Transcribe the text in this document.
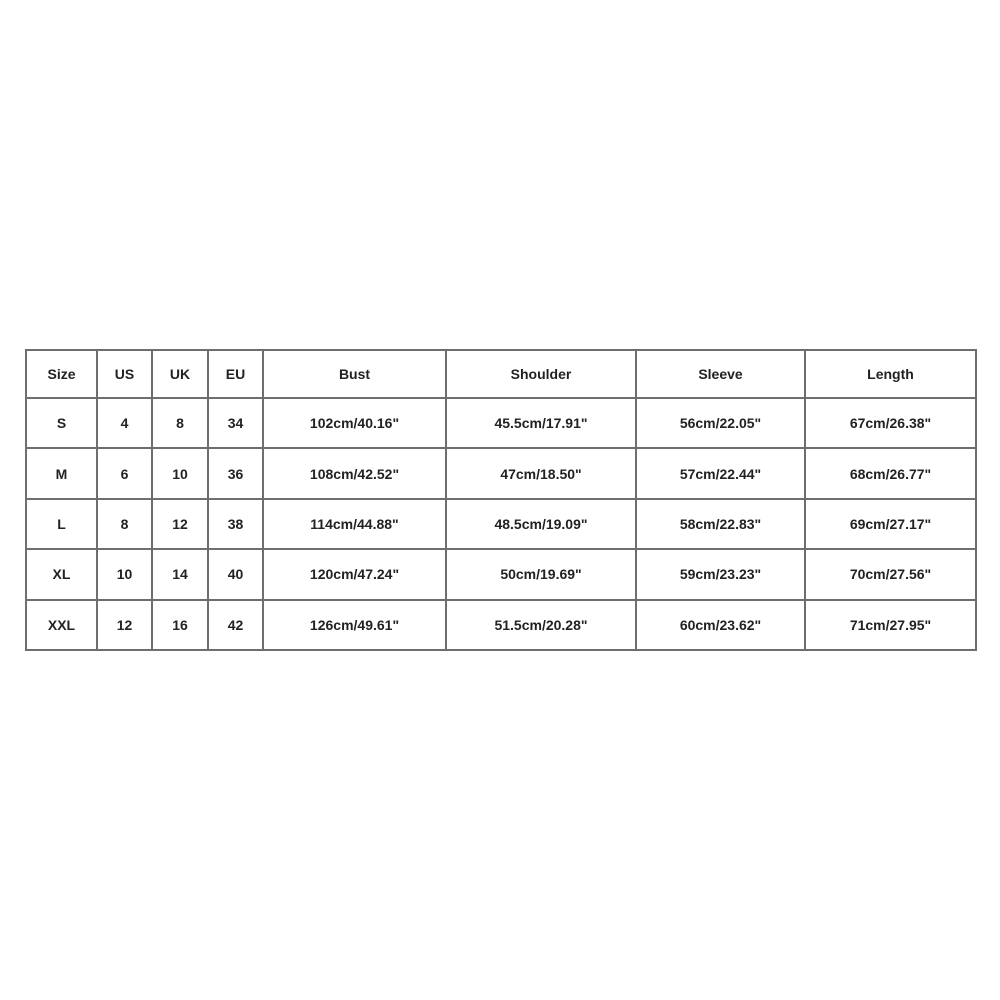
Size	US	UK	EU	Bust	Shoulder	Sleeve	Length
S	4	8	34	102cm/40.16"	45.5cm/17.91"	56cm/22.05"	67cm/26.38"
M	6	10	36	108cm/42.52"	47cm/18.50"	57cm/22.44"	68cm/26.77"
L	8	12	38	114cm/44.88"	48.5cm/19.09"	58cm/22.83"	69cm/27.17"
XL	10	14	40	120cm/47.24"	50cm/19.69"	59cm/23.23"	70cm/27.56"
XXL	12	16	42	126cm/49.61"	51.5cm/20.28"	60cm/23.62"	71cm/27.95"
